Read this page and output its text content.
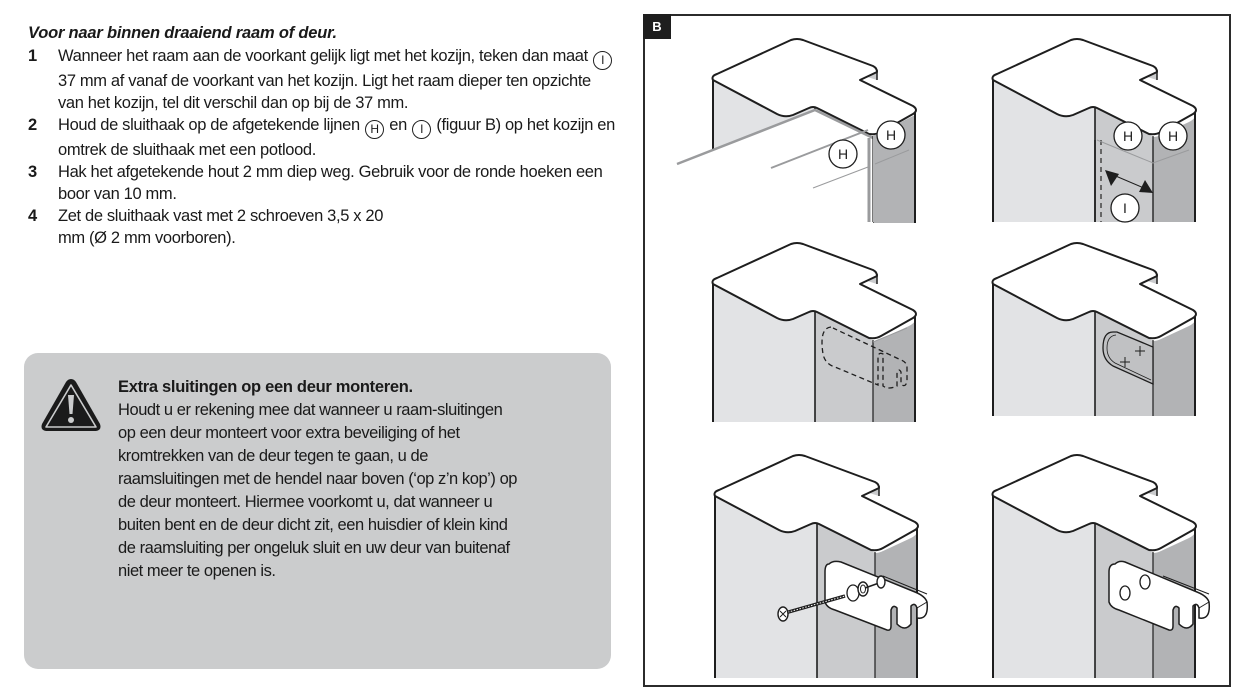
Voor naar binnen draaiend raam of deur.
1	Wanneer het raam aan de voorkant gelijk ligt met het kozijn, teken dan maat I 37 mm af vanaf de voorkant van het kozijn. Ligt het raam dieper ten opzichte van het kozijn, tel dit verschil dan op bij de 37 mm.
2	Houd de sluithaak op de afgetekende lijnen H en I (figuur B) op het kozijn en omtrek de sluithaak met een potlood.
3	Hak het afgetekende hout 2 mm diep weg. Gebruik voor de ronde hoeken een boor van 10 mm.
4	Zet de sluithaak vast met 2 schroeven 3,5 x 20 mm (Ø 2 mm voorboren).
Extra sluitingen op een deur monteren.
Houdt u er rekening mee dat wanneer u raam-sluitingen op een deur monteert voor extra beveiliging of het kromtrekken van de deur tegen te gaan, u de raamsluitingen met de hendel naar boven (‘op z’n kop’) op de deur monteert. Hiermee voorkomt u, dat wanneer u buiten bent en de deur dicht zit, een huisdier of klein kind de raamsluiting per ongeluk sluit en uw deur van buitenaf niet meer te openen is.
B
H
H	H H
I
